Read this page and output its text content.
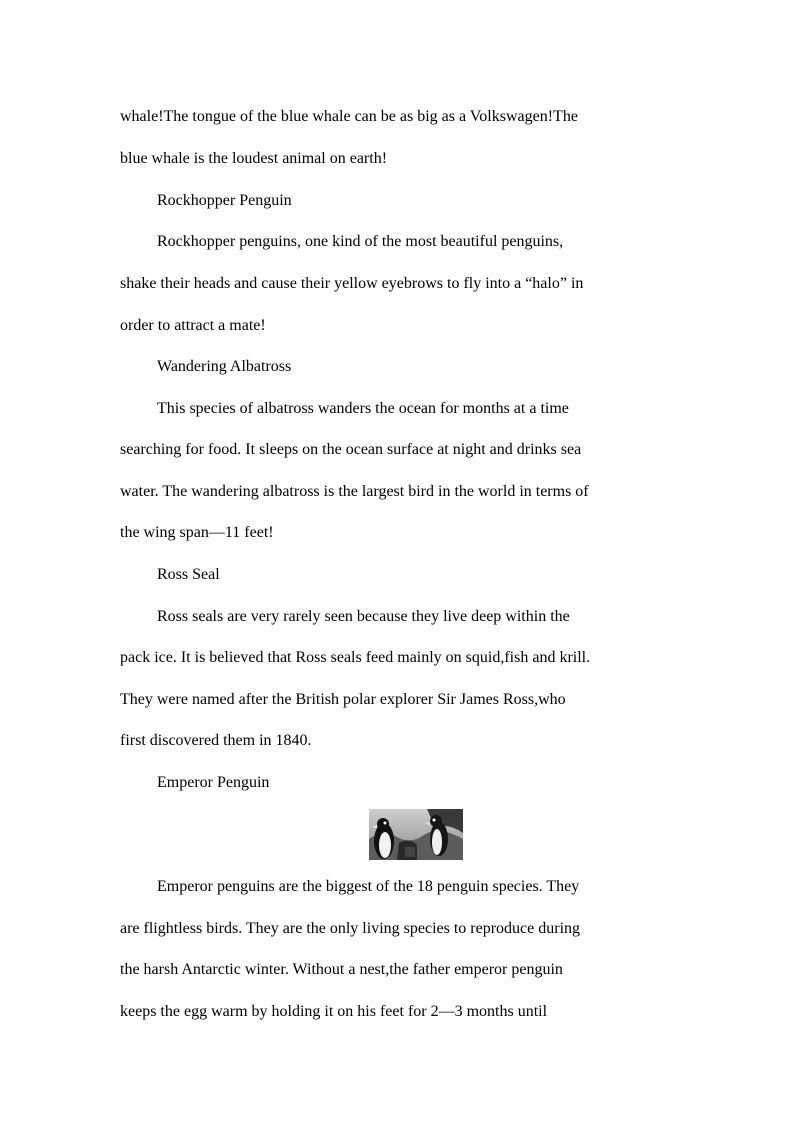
whale!The tongue of the blue whale can be as big as a Volkswagen!The
blue whale is the loudest animal on earth!
Rockhopper Penguin
Rockhopper penguins, one kind of the most beautiful penguins,
shake their heads and cause their yellow eyebrows to fly into a “halo” in
order to attract a mate!
Wandering Albatross
This species of albatross wanders the ocean for months at a time
searching for food. It sleeps on the ocean surface at night and drinks sea
water. The wandering albatross is the largest bird in the world in terms of
the wing span—11 feet!
Ross Seal
Ross seals are very rarely seen because they live deep within the
pack ice. It is believed that Ross seals feed mainly on squid,fish and krill.
They were named after the British polar explorer Sir James Ross,who
first discovered them in 1840.
Emperor Penguin
Emperor penguins are the biggest of the 18 penguin species. They
are flightless birds. They are the only living species to reproduce during
the harsh Antarctic winter. Without a nest,the father emperor penguin
keeps the egg warm by holding it on his feet for 2—3 months until
